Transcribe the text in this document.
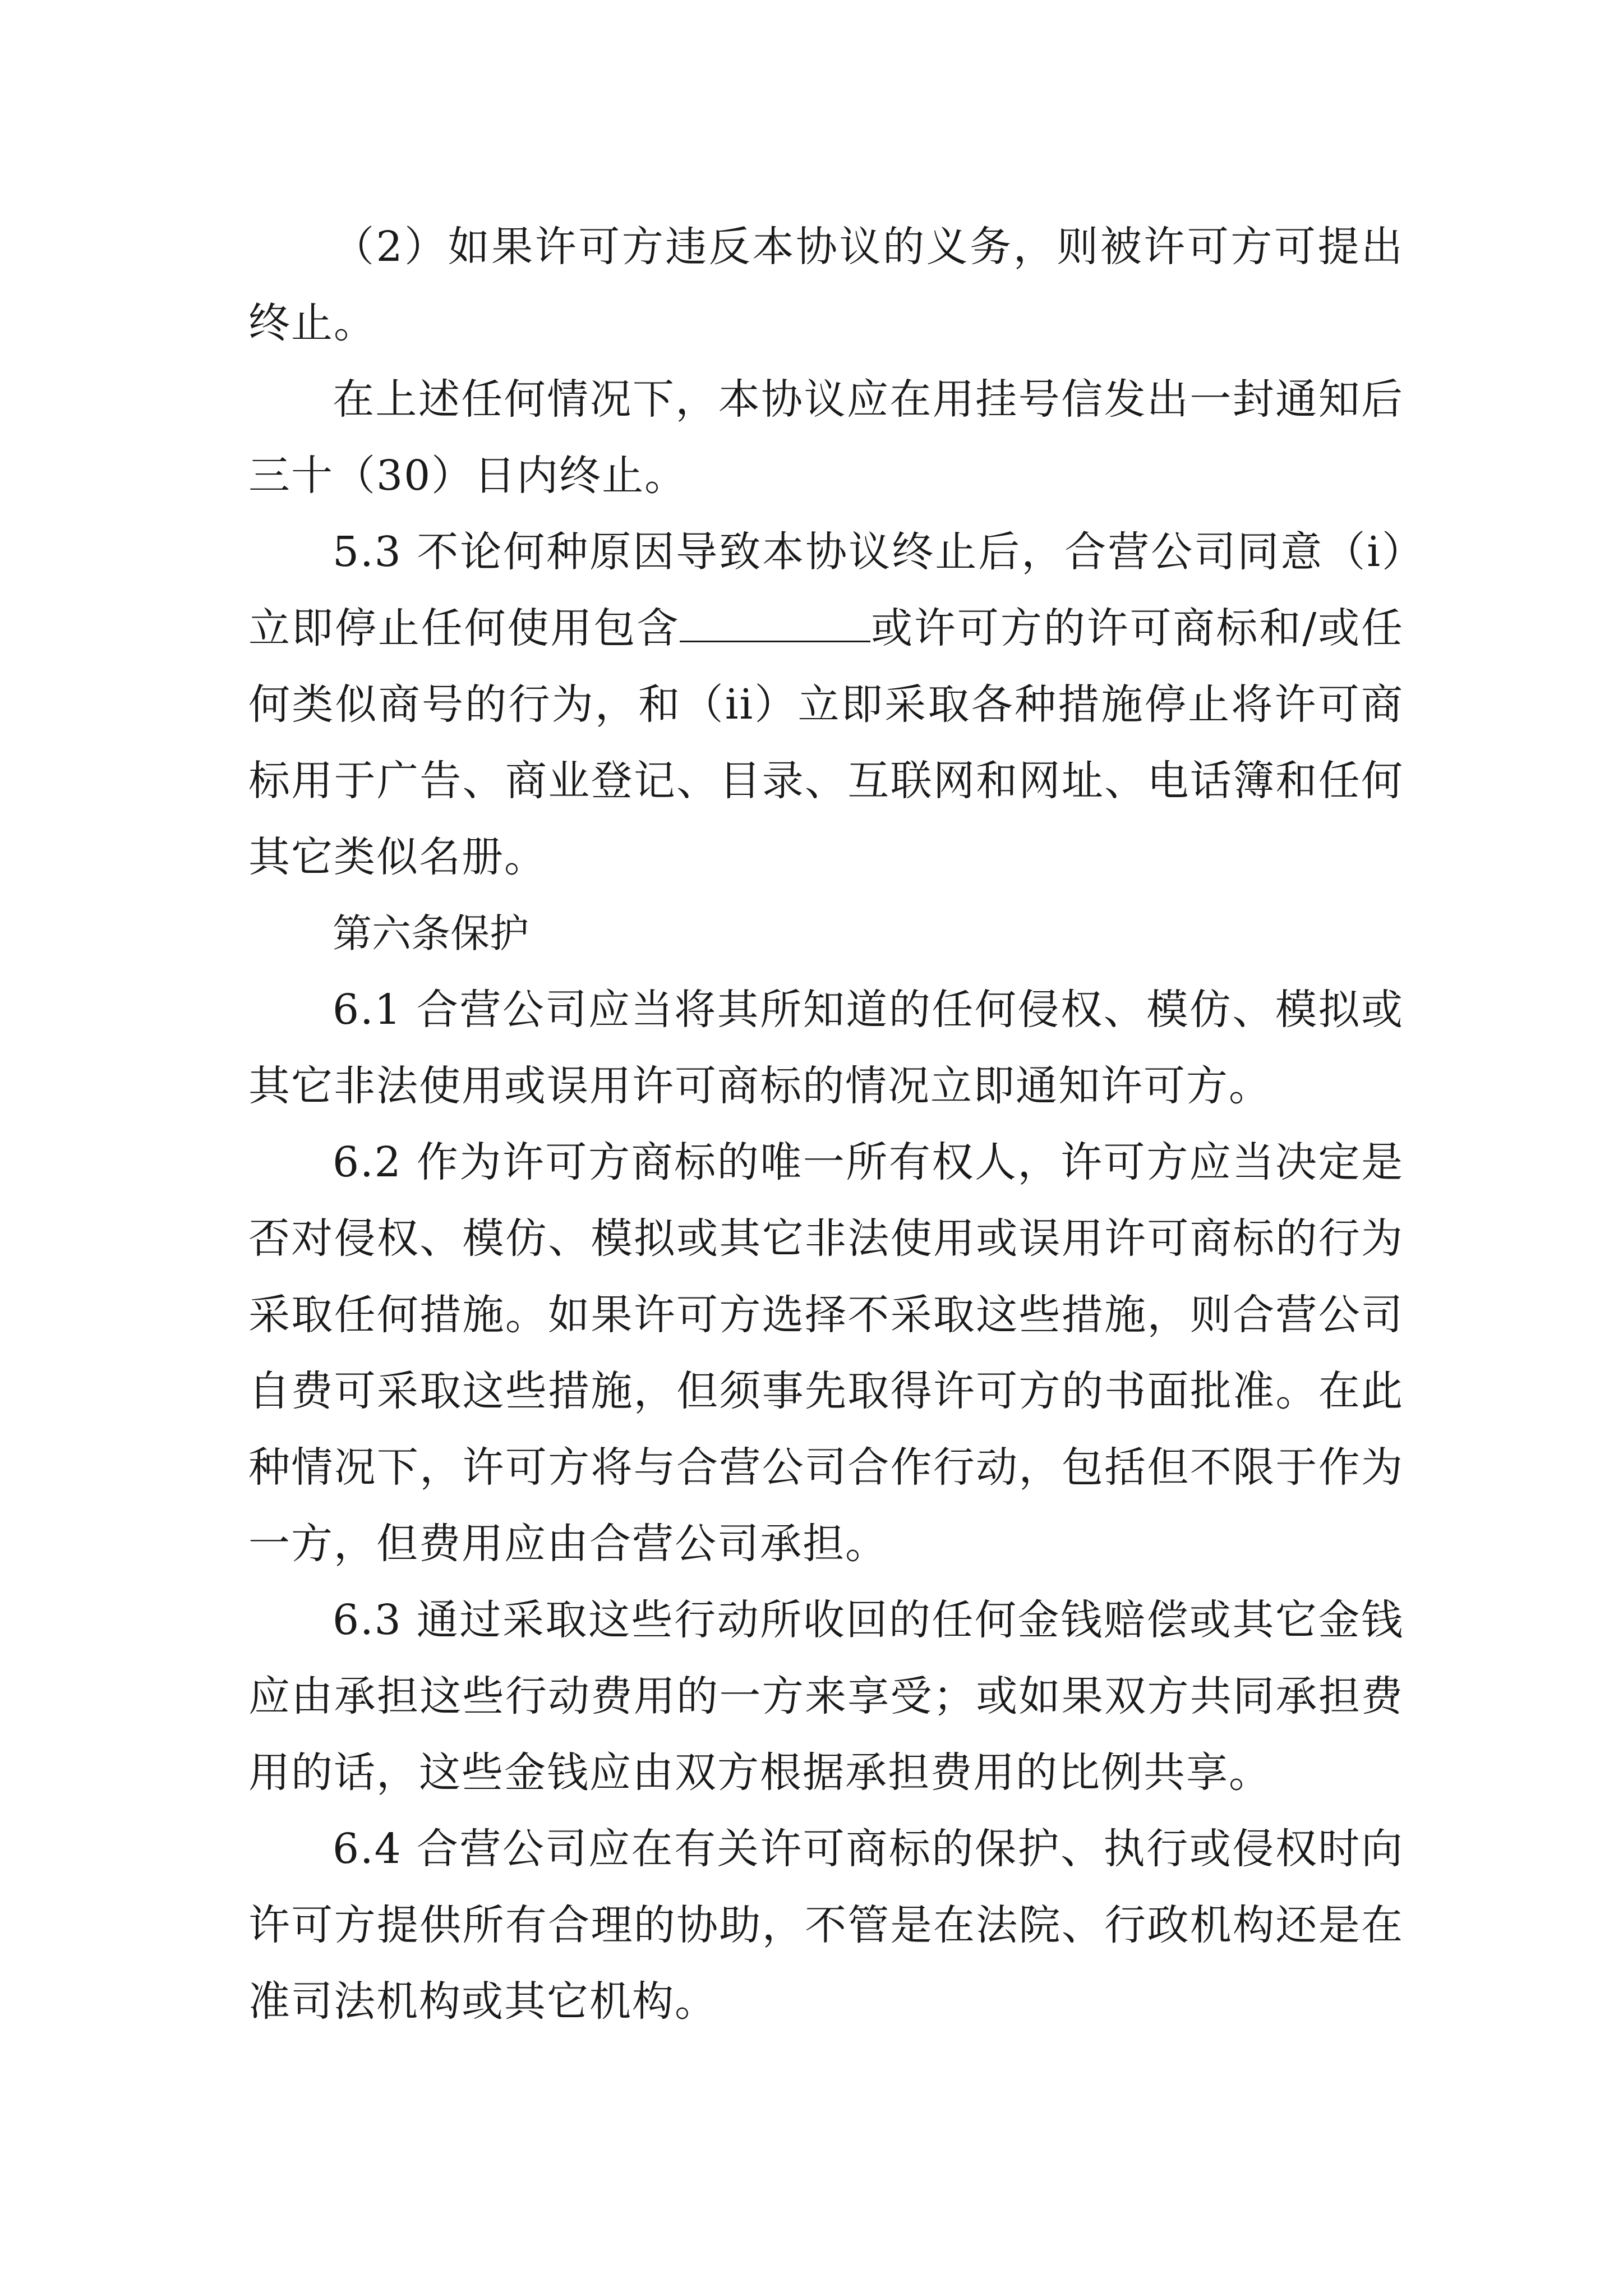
（2）如果许可方违反本协议的义务，则被许可方可提出终止。

在上述任何情况下，本协议应在用挂号信发出一封通知后三十（30）日内终止。

5.3 不论何种原因导致本协议终止后，合营公司同意（i）立即停止任何使用包含	或许可方的许可商标和/或任何类似商号的行为，和（ii）立即采取各种措施停止将许可商标用于广告、商业登记、目录、互联网和网址、电话簿和任何其它类似名册。

第六条保护

6.1 合营公司应当将其所知道的任何侵权、模仿、模拟或其它非法使用或误用许可商标的情况立即通知许可方。

6.2 作为许可方商标的唯一所有权人，许可方应当决定是否对侵权、模仿、模拟或其它非法使用或误用许可商标的行为采取任何措施。如果许可方选择不采取这些措施，则合营公司自费可采取这些措施，但须事先取得许可方的书面批准。在此种情况下，许可方将与合营公司合作行动，包括但不限于作为一方，但费用应由合营公司承担。

6.3 通过采取这些行动所收回的任何金钱赔偿或其它金钱应由承担这些行动费用的一方来享受；或如果双方共同承担费用的话，这些金钱应由双方根据承担费用的比例共享。

6.4 合营公司应在有关许可商标的保护、执行或侵权时向许可方提供所有合理的协助，不管是在法院、行政机构还是在准司法机构或其它机构。
